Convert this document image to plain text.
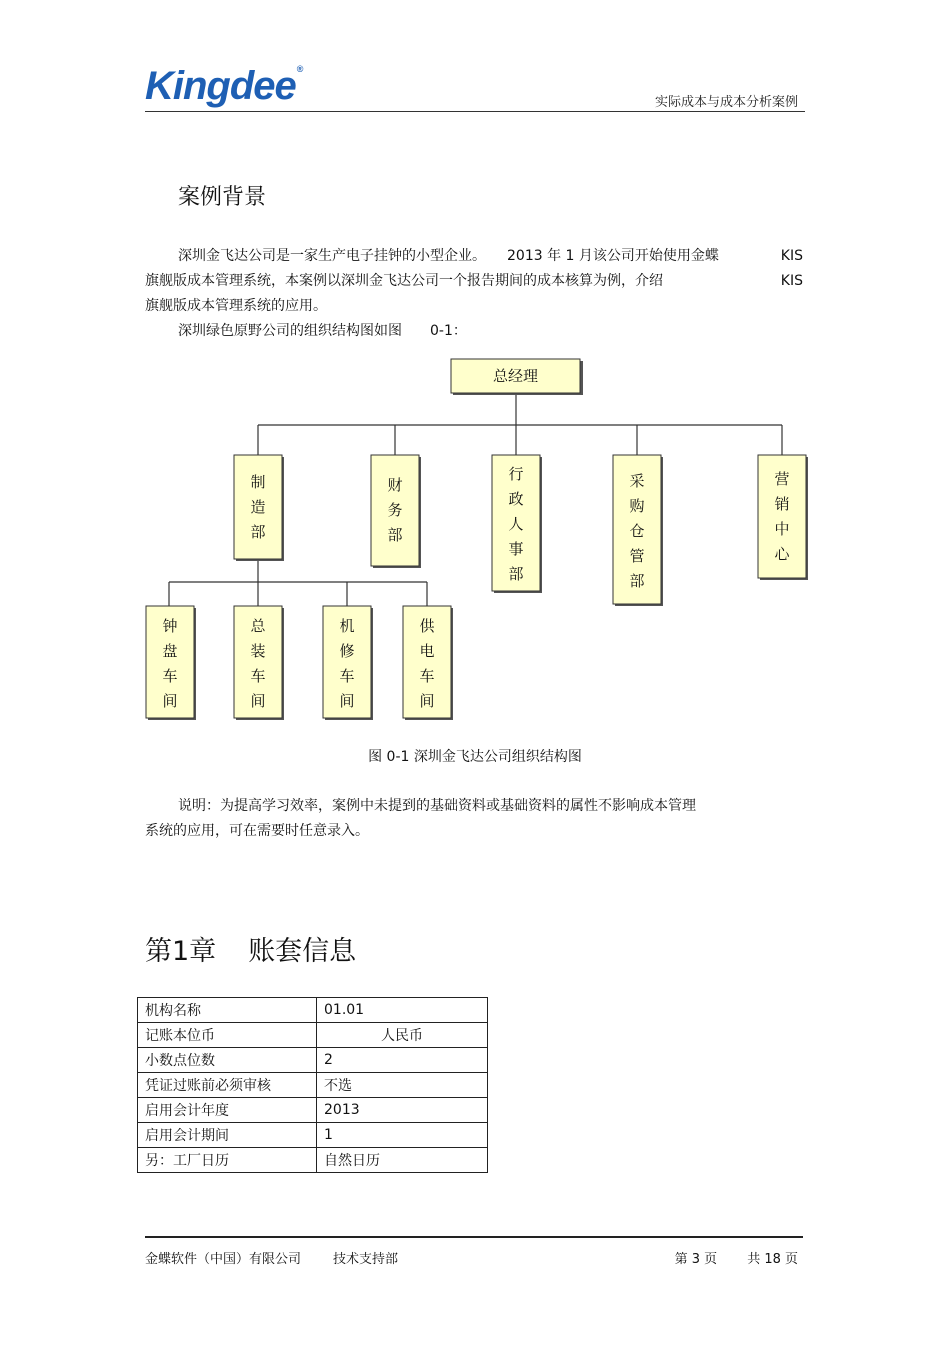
Kingdee®
实际成本与成本分析案例
案例背景
深圳金飞达公司是一家生产电子挂钟的小型企业。　　2013 年 1 月该公司开始使用金蝶	KIS
旗舰版成本管理系统，本案例以深圳金飞达公司一个报告期间的成本核算为例，介绍	KIS
旗舰版成本管理系统的应用。
深圳绿色原野公司的组织结构图如图　　0-1：
总经理
制
造
部
财
务
部
行
政
人
事
部
采
购
仓
管
部
营
销
中
心
钟
盘
车
间
总
装
车
间
机
修
车
间
供
电
车
间
图 0-1 深圳金飞达公司组织结构图
说明：为提高学习效率，案例中未提到的基础资料或基础资料的属性不影响成本管理
系统的应用，可在需要时任意录入。
第1章 账套信息
机构名称	01.01
记账本位币	人民币
小数点位数	2
凭证过账前必须审核	不选
启用会计年度	2013
启用会计期间	1
另：工厂日历	自然日历
金蝶软件（中国）有限公司 技术支持部	第 3 页 共 18 页
